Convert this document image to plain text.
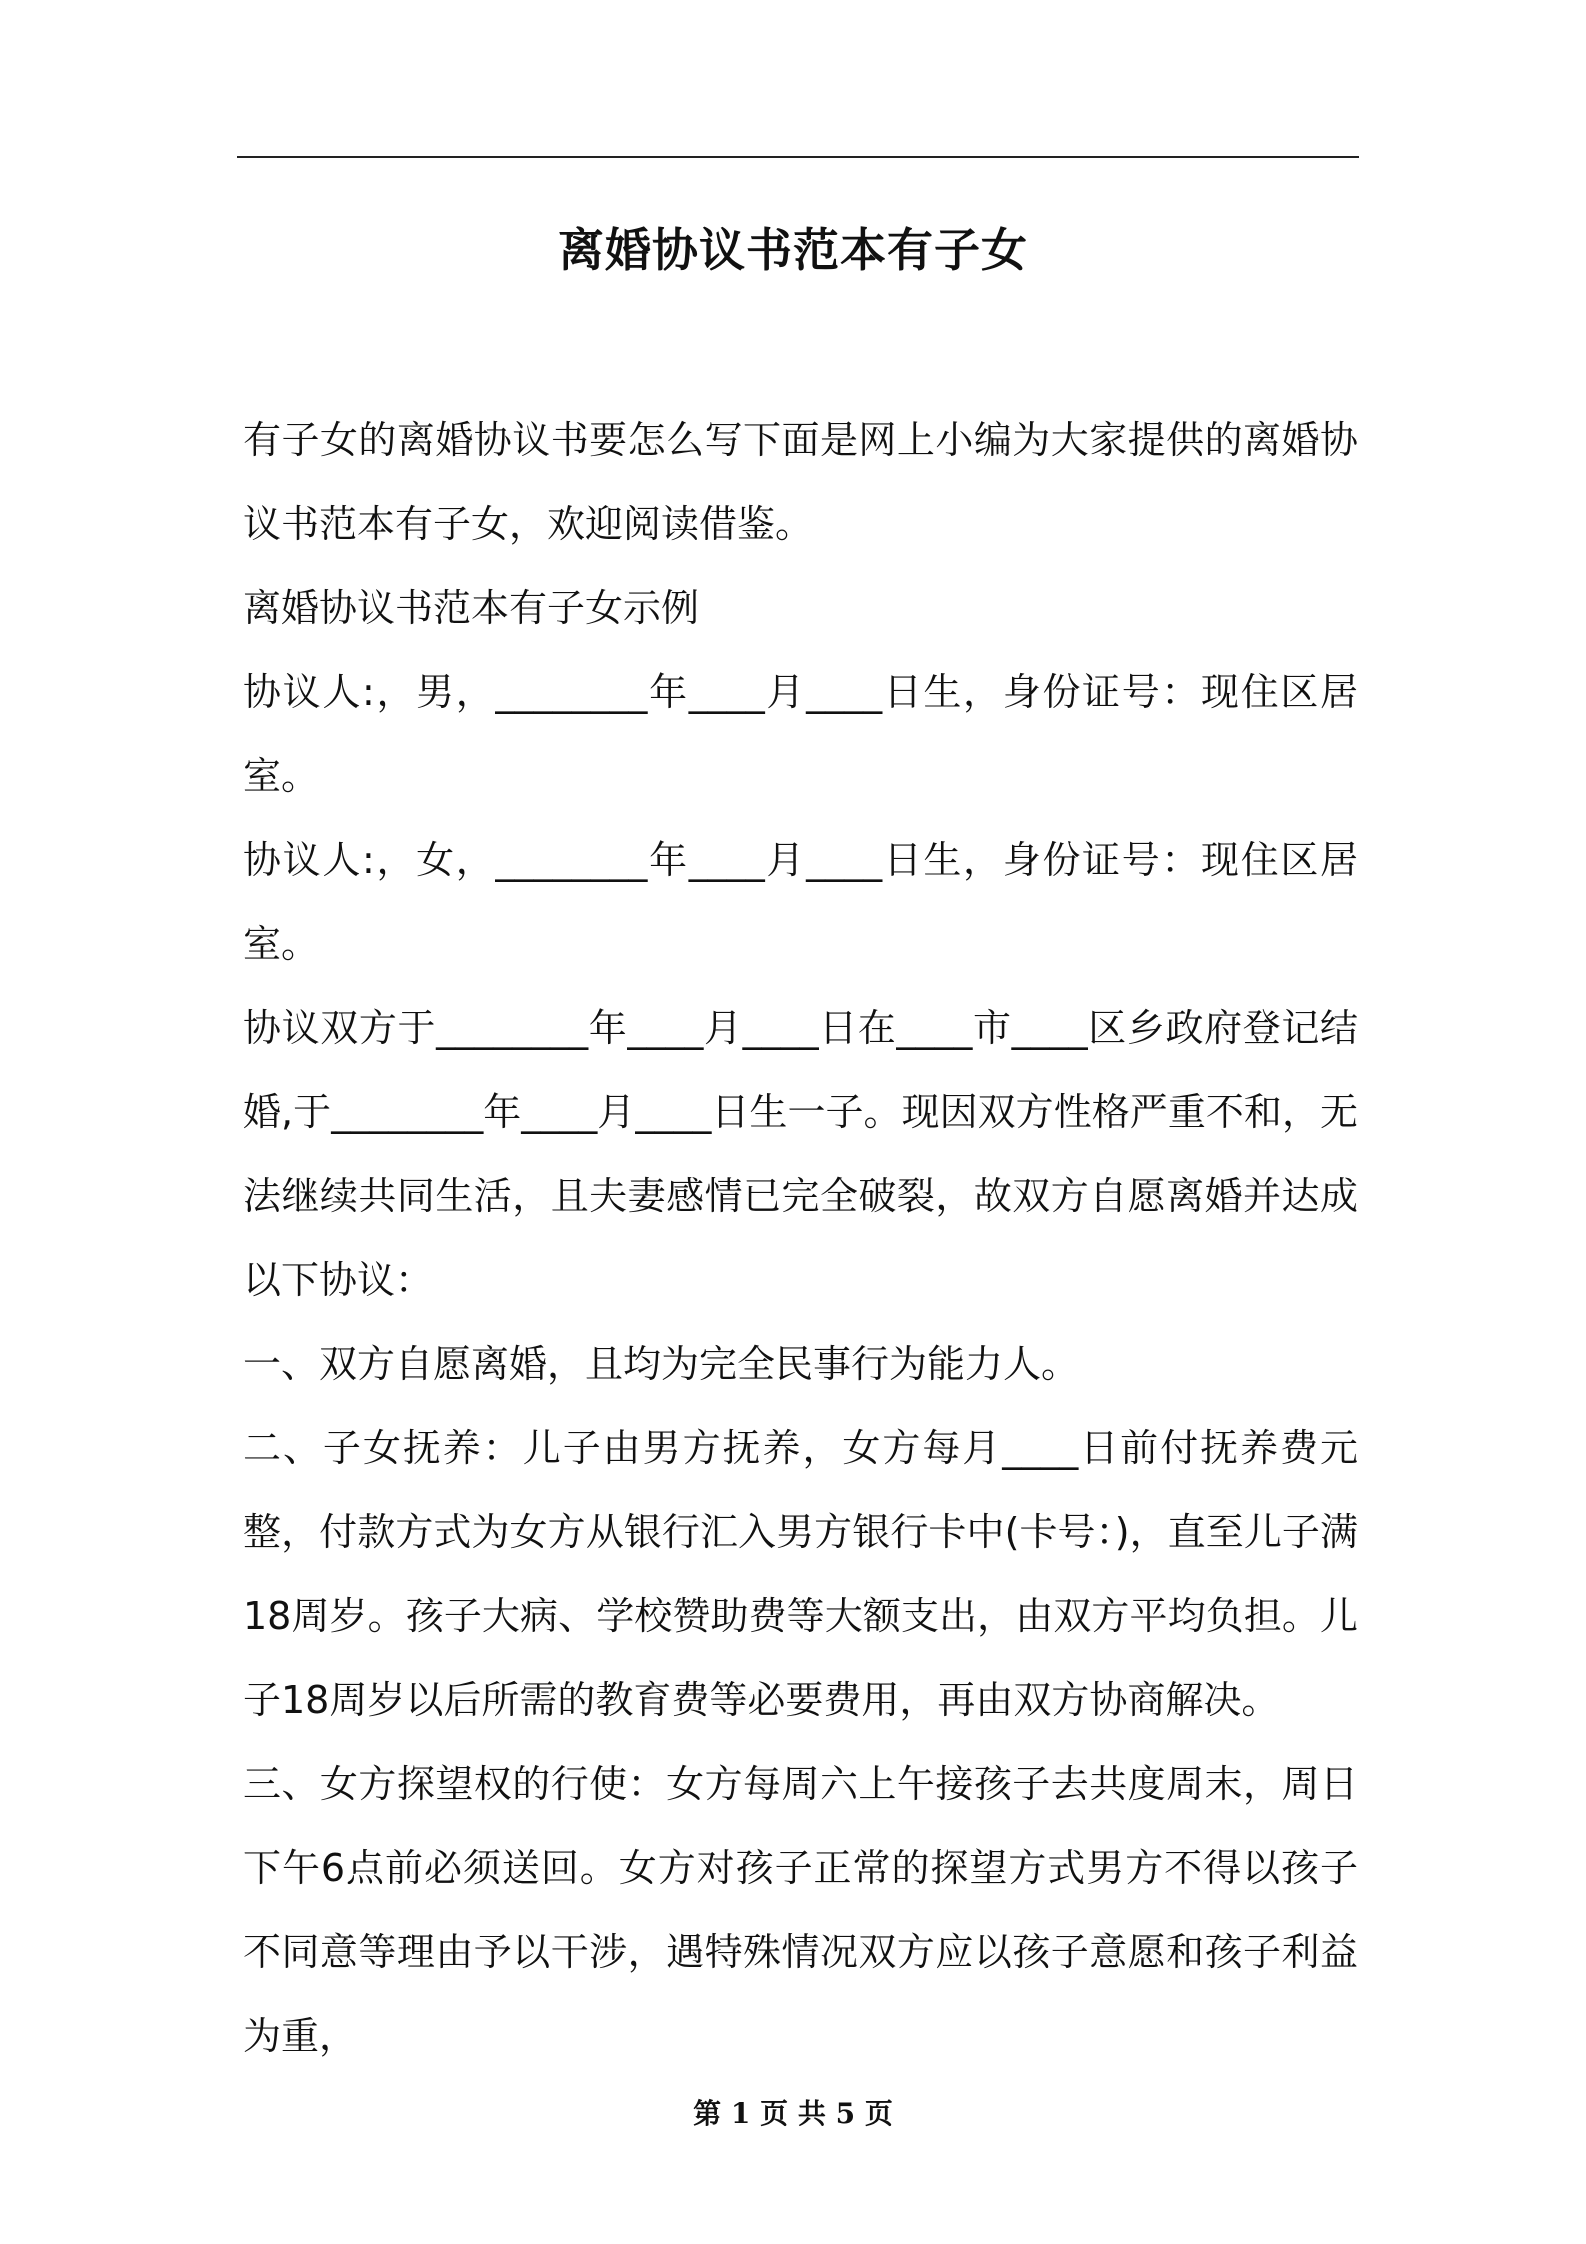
离婚协议书范本有子女

有子女的离婚协议书要怎么写下面是网上小编为大家提供的离婚协议书范本有子女，欢迎阅读借鉴。

离婚协议书范本有子女示例

协议人:，男，________年____月____日生，身份证号：现住区居室。

协议人:，女，________年____月____日生，身份证号：现住区居室。

协议双方于________年____月____日在____市____区乡政府登记结婚,于________年____月____日生一子。现因双方性格严重不和，无法继续共同生活，且夫妻感情已完全破裂，故双方自愿离婚并达成以下协议：

一、双方自愿离婚，且均为完全民事行为能力人。

二、子女抚养：儿子由男方抚养，女方每月____日前付抚养费元整，付款方式为女方从银行汇入男方银行卡中(卡号：)，直至儿子满18周岁。孩子大病、学校赞助费等大额支出，由双方平均负担。儿子18周岁以后所需的教育费等必要费用，再由双方协商解决。

三、女方探望权的行使：女方每周六上午接孩子去共度周末，周日下午6点前必须送回。女方对孩子正常的探望方式男方不得以孩子不同意等理由予以干涉，遇特殊情况双方应以孩子意愿和孩子利益为重，

第 1 页 共 5 页
